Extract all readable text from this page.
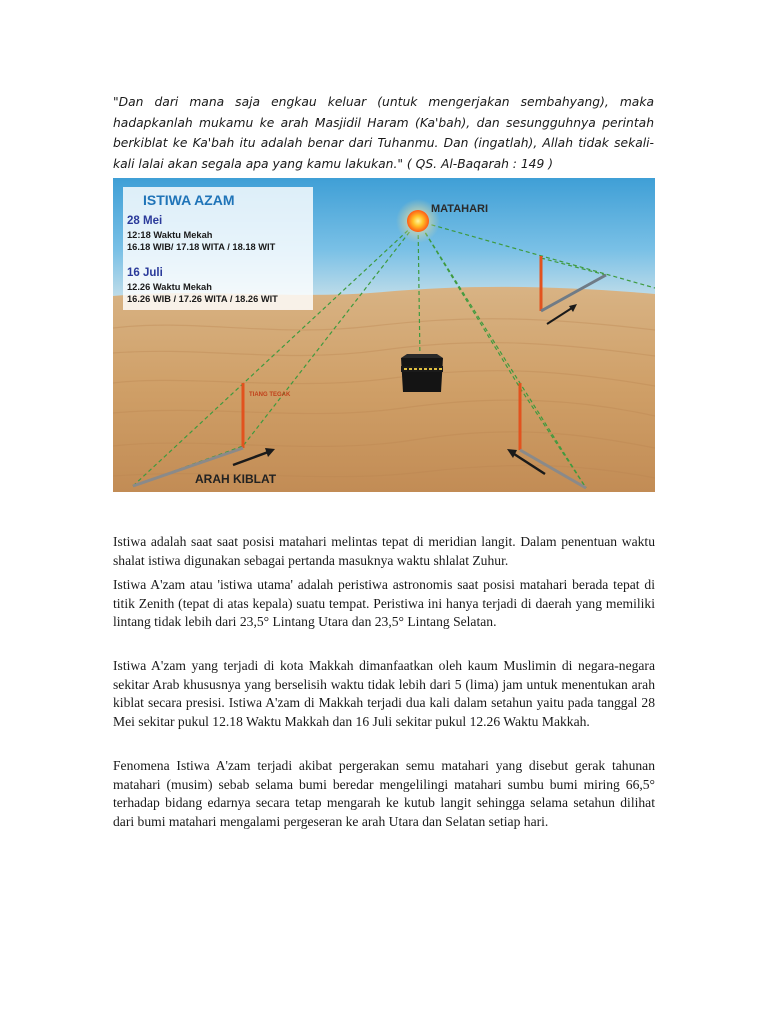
"Dan dari mana saja engkau keluar (untuk mengerjakan sembahyang), maka hadapkanlah mukamu ke arah Masjidil Haram (Ka'bah), dan sesungguhnya perintah berkiblat ke Ka'bah itu adalah benar dari Tuhanmu. Dan (ingatlah), Allah tidak sekali-kali lalai akan segala apa yang kamu lakukan." ( QS. Al-Baqarah : 149 )

ISTIWA AZAM
28 Mei
12:18 Waktu Mekah
16.18 WIB/ 17.18 WITA / 18.18 WIT
16 Juli
12.26 Waktu Mekah
16.26 WIB / 17.26 WITA / 18.26 WIT
MATAHARI
TIANG TEGAK
ARAH KIBLAT

Istiwa adalah saat saat posisi matahari melintas tepat di meridian langit. Dalam penentuan waktu shalat istiwa digunakan sebagai pertanda masuknya waktu shlalat Zuhur.

Istiwa A'zam atau 'istiwa utama' adalah peristiwa astronomis saat posisi matahari berada tepat di titik Zenith (tepat di atas kepala) suatu tempat. Peristiwa ini hanya terjadi di daerah yang memiliki lintang tidak lebih dari 23,5° Lintang Utara dan 23,5° Lintang Selatan.

Istiwa A'zam yang terjadi di kota Makkah dimanfaatkan oleh kaum Muslimin di negara-negara sekitar Arab khususnya yang berselisih waktu tidak lebih dari 5 (lima) jam untuk menentukan arah kiblat secara presisi. Istiwa A'zam di Makkah terjadi dua kali dalam setahun yaitu pada tanggal 28 Mei sekitar pukul 12.18 Waktu Makkah dan 16 Juli sekitar pukul 12.26 Waktu Makkah.

Fenomena Istiwa A'zam terjadi akibat pergerakan semu matahari yang disebut gerak tahunan matahari (musim) sebab selama bumi beredar mengelilingi matahari sumbu bumi miring 66,5° terhadap bidang edarnya secara tetap mengarah ke kutub langit sehingga selama setahun dilihat dari bumi matahari mengalami pergeseran ke arah Utara dan Selatan setiap hari.
